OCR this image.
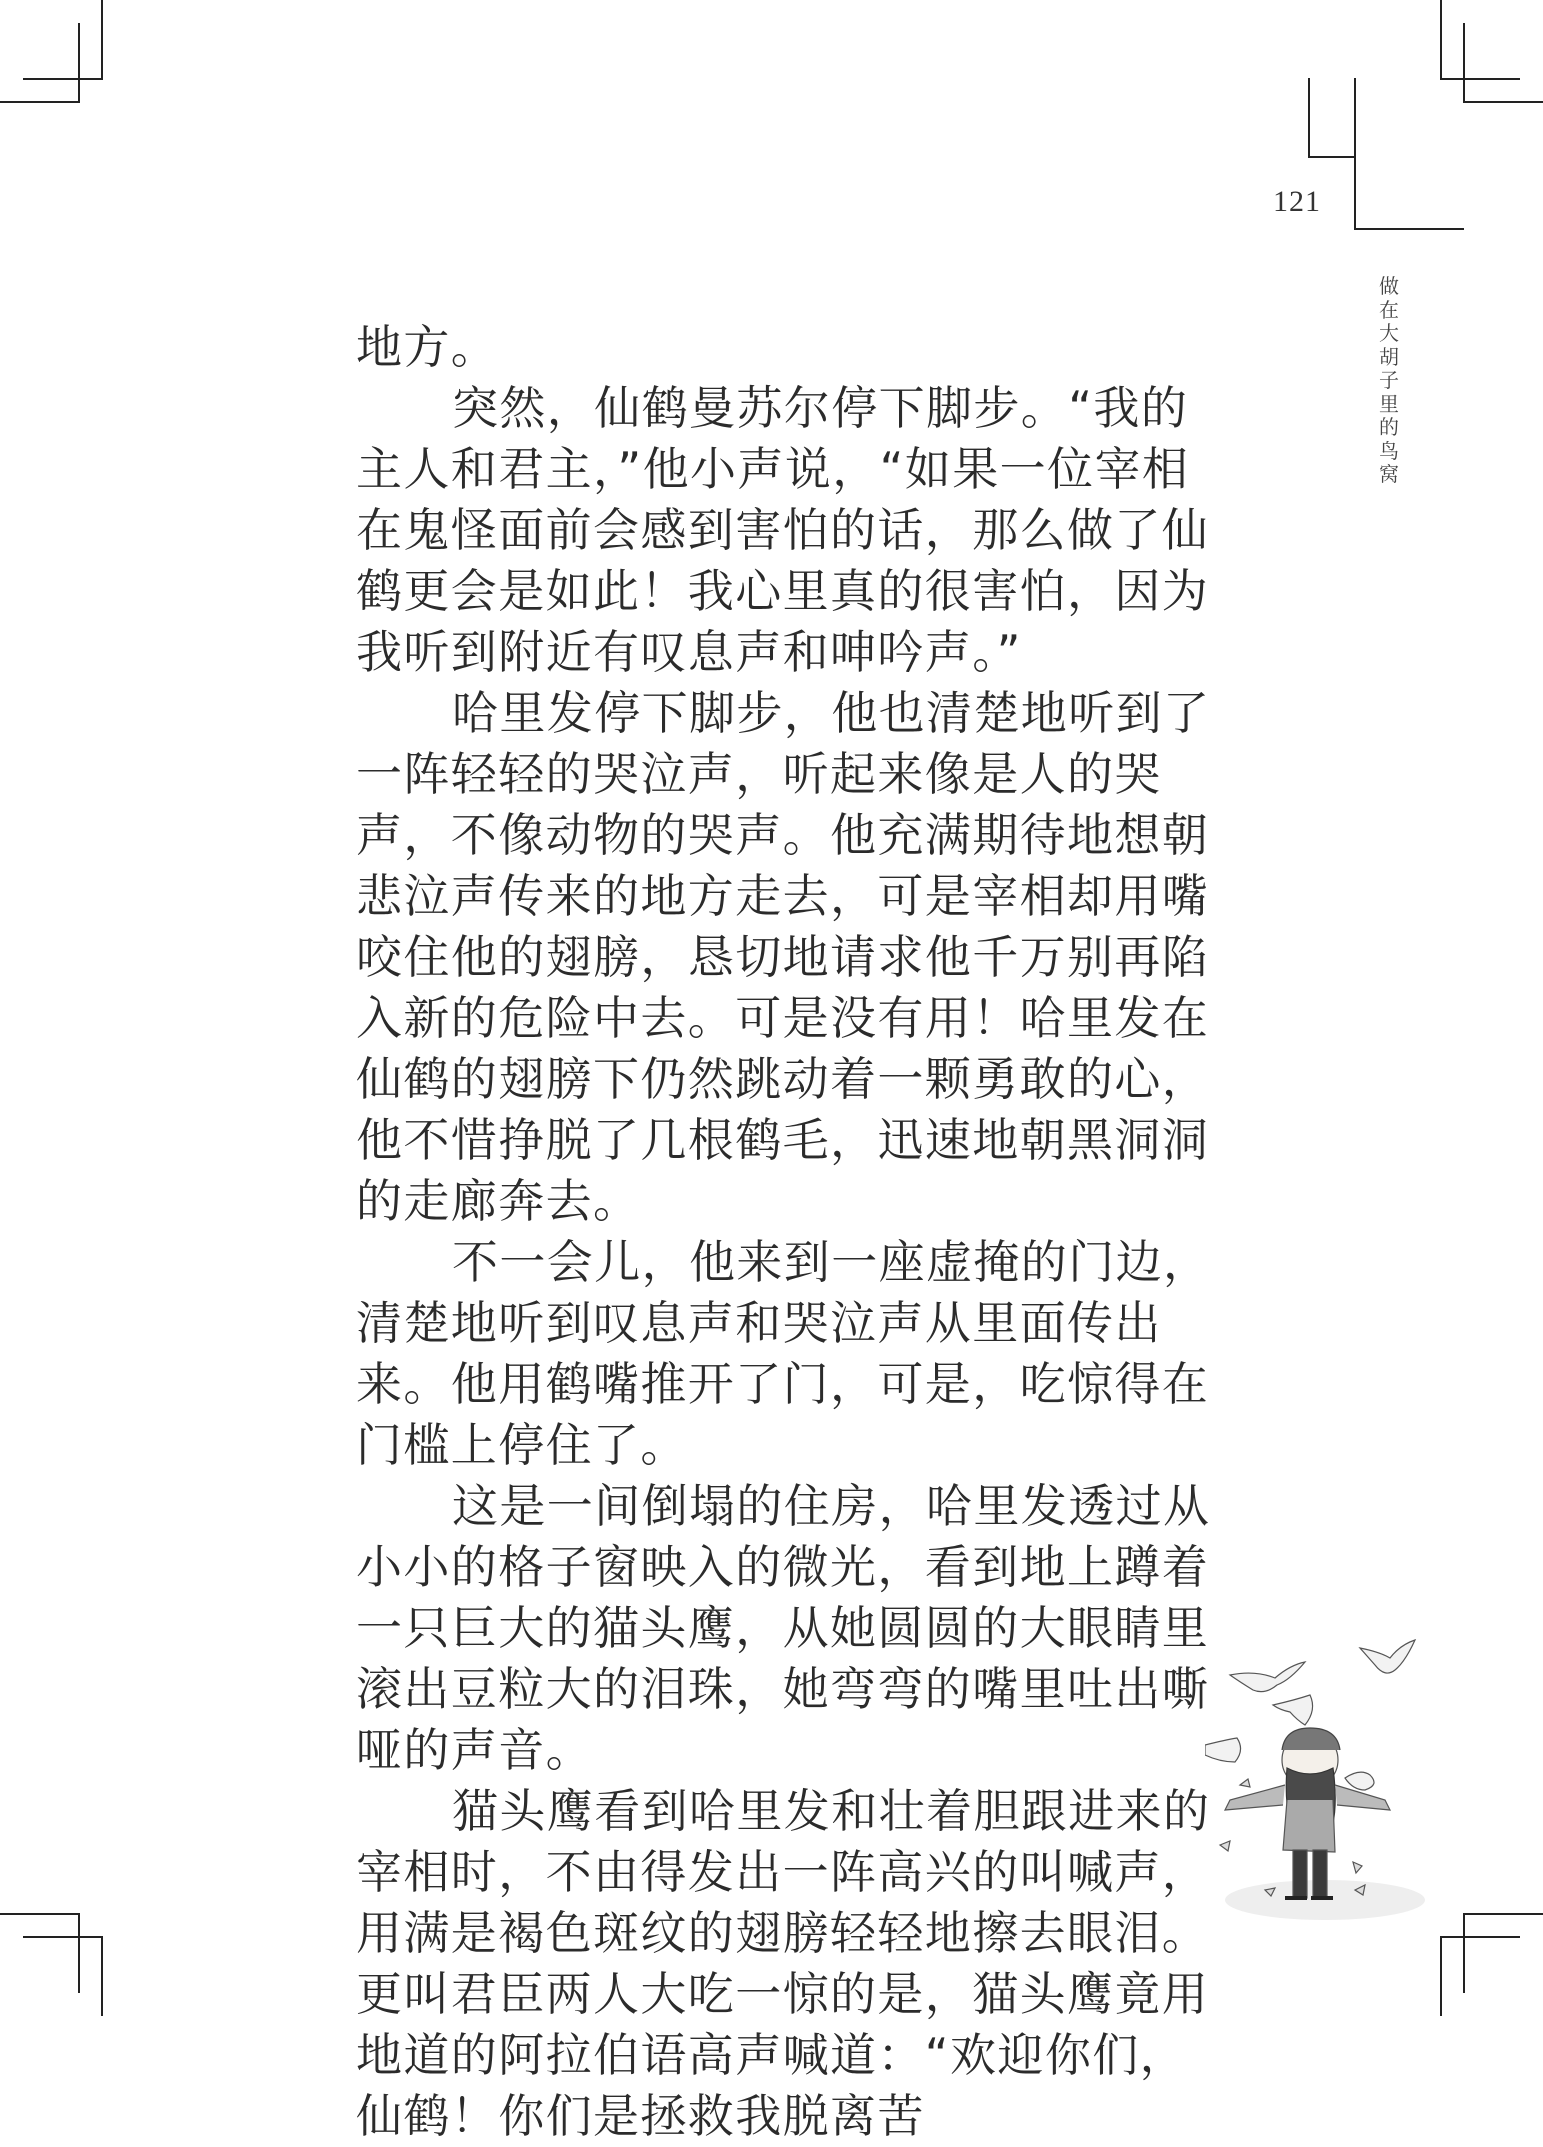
121
做在大胡子里的鸟窝

地方。

突然，仙鹤曼苏尔停下脚步。“我的主人和君主，”他小声说，“如果一位宰相在鬼怪面前会感到害怕的话，那么做了仙鹤更会是如此！我心里真的很害怕，因为我听到附近有叹息声和呻吟声。”

哈里发停下脚步，他也清楚地听到了一阵轻轻的哭泣声，听起来像是人的哭声，不像动物的哭声。他充满期待地想朝悲泣声传来的地方走去，可是宰相却用嘴咬住他的翅膀，恳切地请求他千万别再陷入新的危险中去。可是没有用！哈里发在仙鹤的翅膀下仍然跳动着一颗勇敢的心，他不惜挣脱了几根鹤毛，迅速地朝黑洞洞的走廊奔去。

不一会儿，他来到一座虚掩的门边，清楚地听到叹息声和哭泣声从里面传出来。他用鹤嘴推开了门，可是，吃惊得在门槛上停住了。

这是一间倒塌的住房，哈里发透过从小小的格子窗映入的微光，看到地上蹲着一只巨大的猫头鹰，从她圆圆的大眼睛里滚出豆粒大的泪珠，她弯弯的嘴里吐出嘶哑的声音。

猫头鹰看到哈里发和壮着胆跟进来的宰相时，不由得发出一阵高兴的叫喊声，用满是褐色斑纹的翅膀轻轻地擦去眼泪。更叫君臣两人大吃一惊的是，猫头鹰竟用地道的阿拉伯语高声喊道：“欢迎你们，仙鹤！你们是拯救我脱离苦
